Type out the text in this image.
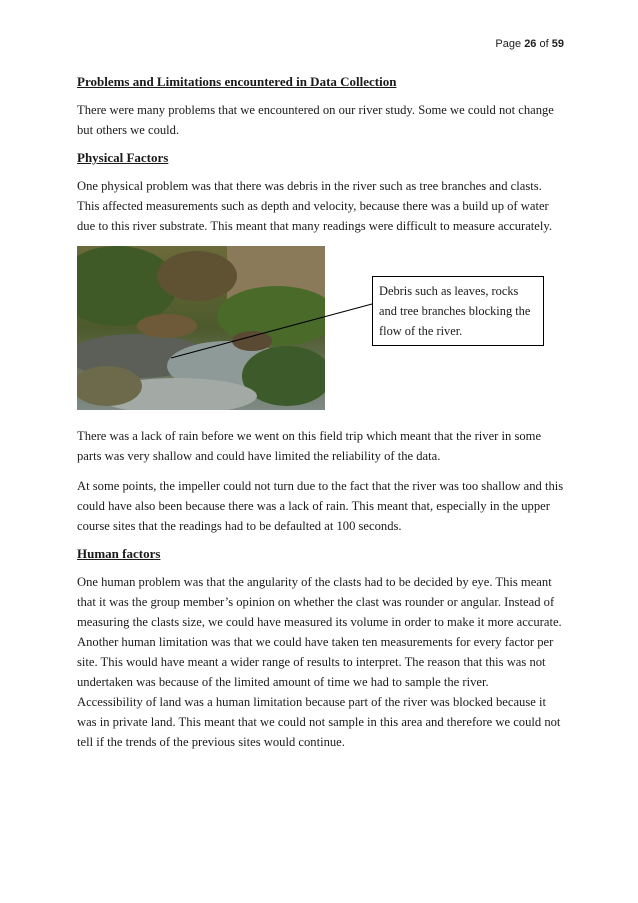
Page 26 of 59
Problems and Limitations encountered in Data Collection

There were many problems that we encountered on our river study. Some we could not change but others we could.

Physical Factors

One physical problem was that there was debris in the river such as tree branches and clasts. This affected measurements such as depth and velocity, because there was a build up of water due to this river substrate. This meant that many readings were difficult to measure accurately.

Debris such as leaves, rocks and tree branches blocking the flow of the river.

There was a lack of rain before we went on this field trip which meant that the river in some parts was very shallow and could have limited the reliability of the data.

At some points, the impeller could not turn due to the fact that the river was too shallow and this could have also been because there was a lack of rain. This meant that, especially in the upper course sites that the readings had to be defaulted at 100 seconds.

Human factors

One human problem was that the angularity of the clasts had to be decided by eye. This meant that it was the group member’s opinion on whether the clast was rounder or angular. Instead of measuring the clasts size, we could have measured its volume in order to make it more accurate.

Another human limitation was that we could have taken ten measurements for every factor per site. This would have meant a wider range of results to interpret. The reason that this was not undertaken was because of the limited amount of time we had to sample the river.

Accessibility of land was a human limitation because part of the river was blocked because it was in private land. This meant that we could not sample in this area and therefore we could not tell if the trends of the previous sites would continue.
